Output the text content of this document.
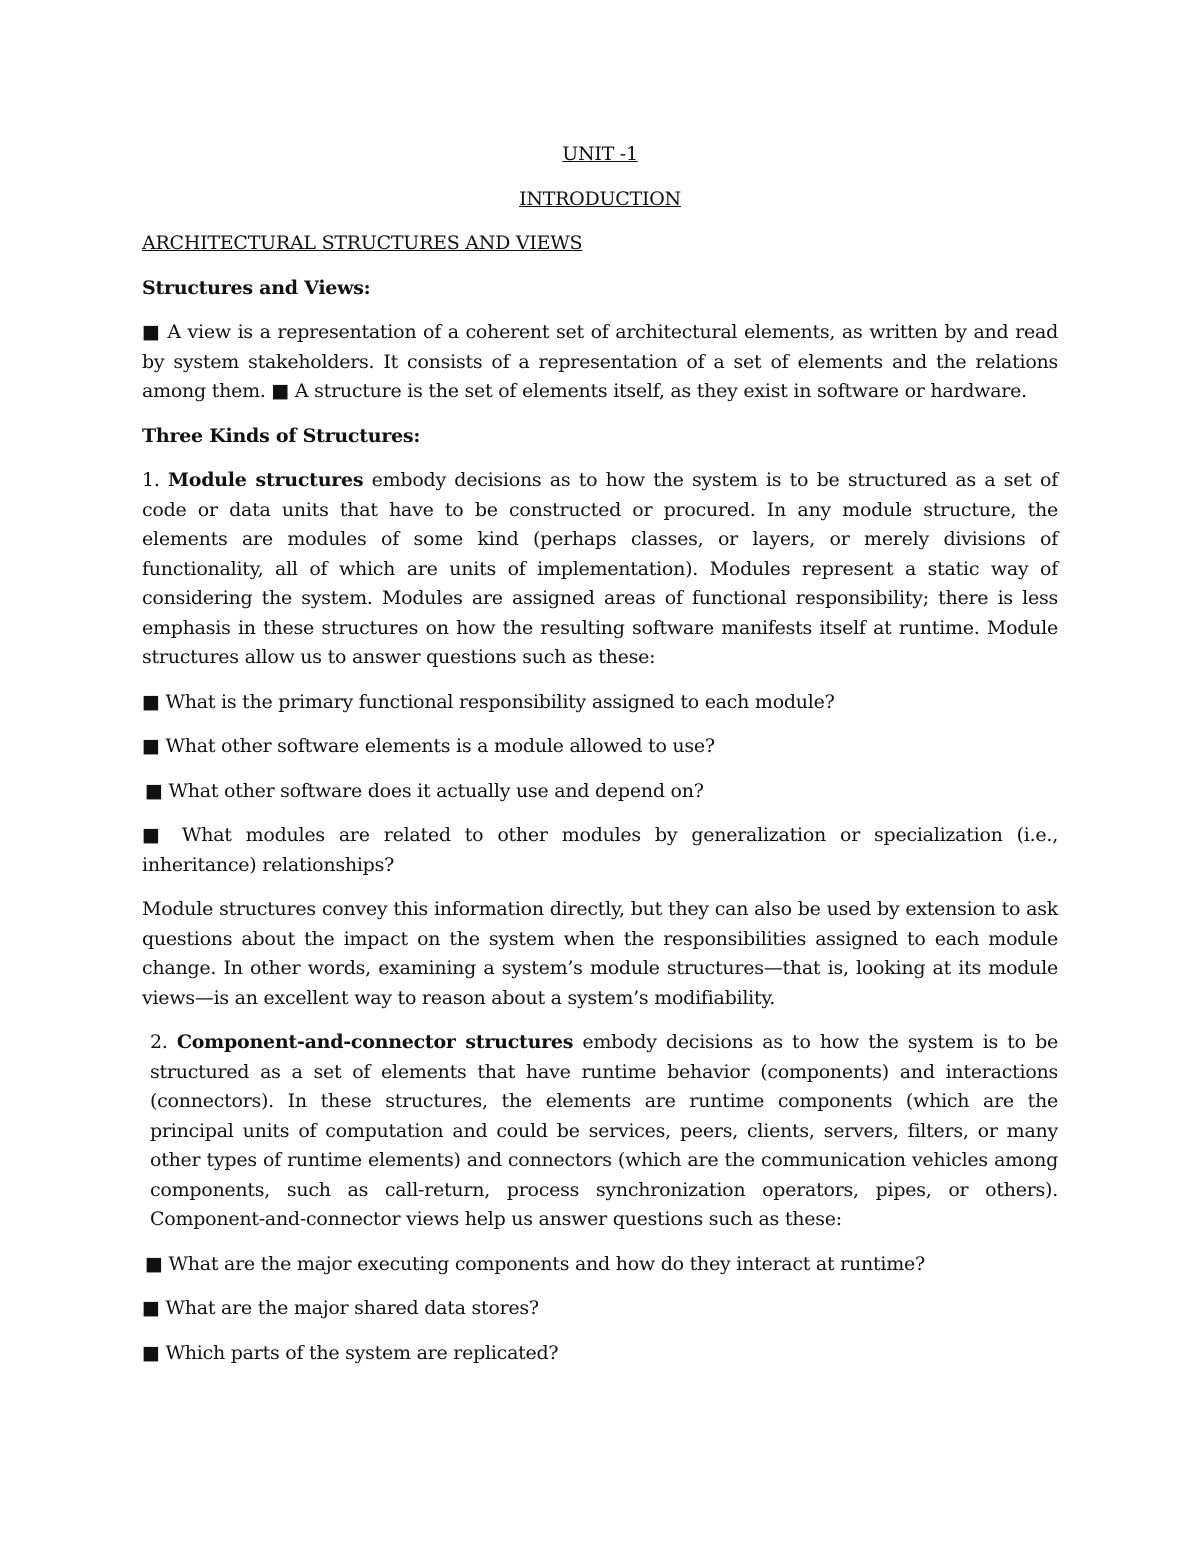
UNIT -1

INTRODUCTION

ARCHITECTURAL STRUCTURES AND VIEWS

Structures and Views:

■ A view is a representation of a coherent set of architectural elements, as written by and read by system stakeholders. It consists of a representation of a set of elements and the relations among them. ■ A structure is the set of elements itself, as they exist in software or hardware.

Three Kinds of Structures:

1. Module structures embody decisions as to how the system is to be structured as a set of code or data units that have to be constructed or procured. In any module structure, the elements are modules of some kind (perhaps classes, or layers, or merely divisions of functionality, all of which are units of implementation). Modules represent a static way of considering the system. Modules are assigned areas of functional responsibility; there is less emphasis in these structures on how the resulting software manifests itself at runtime. Module structures allow us to answer questions such as these:

■ What is the primary functional responsibility assigned to each module?

■ What other software elements is a module allowed to use?

■ What other software does it actually use and depend on?

■ What modules are related to other modules by generalization or specialization (i.e., inheritance) relationships?

Module structures convey this information directly, but they can also be used by extension to ask questions about the impact on the system when the responsibilities assigned to each module change. In other words, examining a system’s module structures—that is, looking at its module views—is an excellent way to reason about a system’s modifiability.

2. Component-and-connector structures embody decisions as to how the system is to be structured as a set of elements that have runtime behavior (components) and interactions (connectors). In these structures, the elements are runtime components (which are the principal units of computation and could be services, peers, clients, servers, filters, or many other types of runtime elements) and connectors (which are the communication vehicles among components, such as call-return, process synchronization operators, pipes, or others). Component-and-connector views help us answer questions such as these:

■ What are the major executing components and how do they interact at runtime?

■ What are the major shared data stores?

■ Which parts of the system are replicated?
